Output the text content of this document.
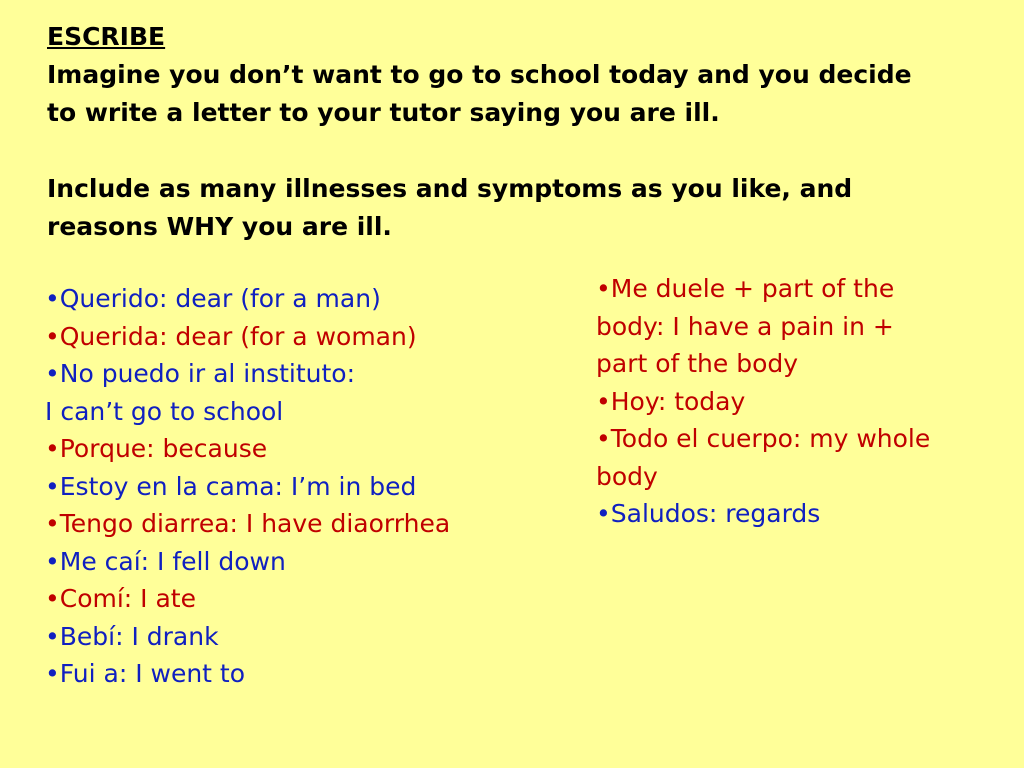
ESCRIBE
Imagine you don’t want to go to school today and you decide
to write a letter to your tutor saying you are ill.
Include as many illnesses and symptoms as you like, and
reasons WHY you are ill.
•Querido: dear (for a man)
•Querida: dear (for a woman)
•No puedo ir al instituto:
I can’t go to school
•Porque: because
•Estoy en la cama: I’m in bed
•Tengo diarrea: I have diaorrhea
•Me caí: I fell down
•Comí: I ate
•Bebí: I drank
•Fui a: I went to
•Me duele + part of the
body: I have a pain in +
part of the body
•Hoy: today
•Todo el cuerpo: my whole
body
•Saludos: regards
